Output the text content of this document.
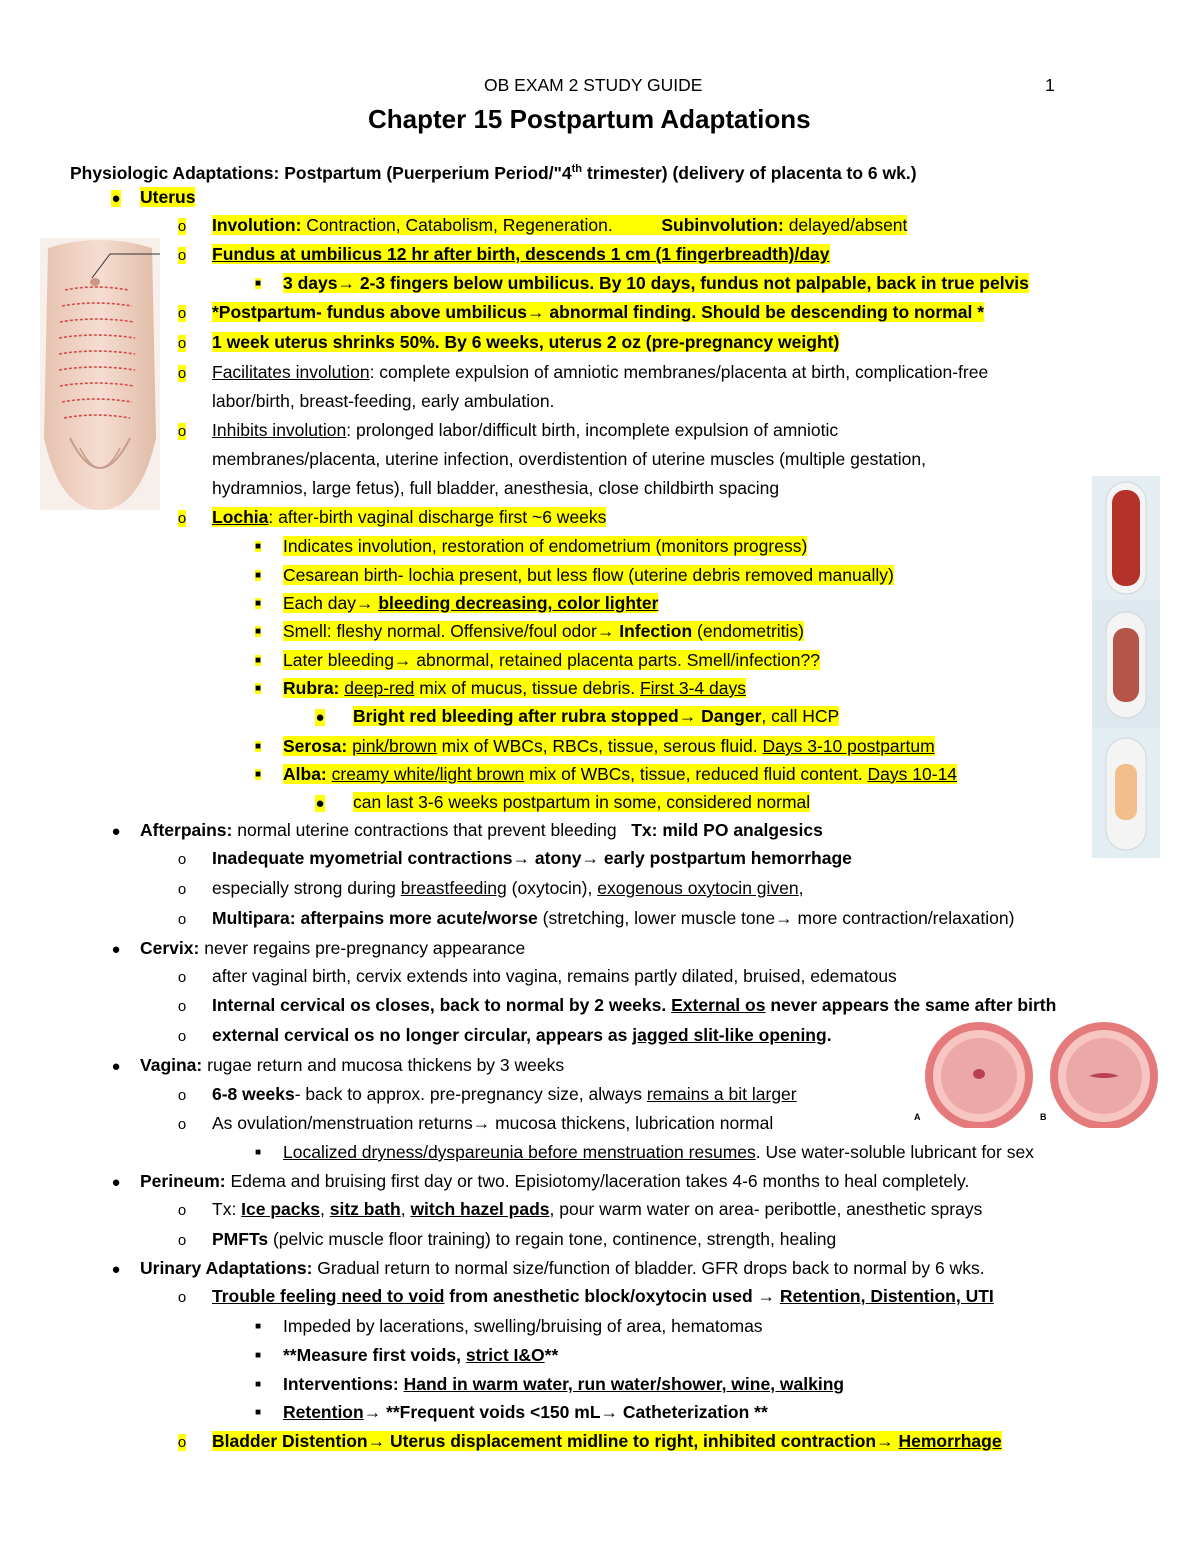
OB EXAM 2 STUDY GUIDE	1
Chapter 15 Postpartum Adaptations
Physiologic Adaptations: Postpartum (Puerperium Period/"4th trimester) (delivery of placenta to 6 wk.)
A	B
●	Uterus
o	Involution: Contraction, Catabolism, Regeneration.	Subinvolution: delayed/absent
o	Fundus at umbilicus 12 hr after birth, descends 1 cm (1 fingerbreadth)/day
■	3 days→ 2-3 fingers below umbilicus. By 10 days, fundus not palpable, back in true pelvis
o	*Postpartum- fundus above umbilicus→ abnormal finding. Should be descending to normal *
o	1 week uterus shrinks 50%. By 6 weeks, uterus 2 oz (pre-pregnancy weight)
o	Facilitates involution: complete expulsion of amniotic membranes/placenta at birth, complication-free
labor/birth, breast-feeding, early ambulation.
o	Inhibits involution: prolonged labor/difficult birth, incomplete expulsion of amniotic
membranes/placenta, uterine infection, overdistention of uterine muscles (multiple gestation,
hydramnios, large fetus), full bladder, anesthesia, close childbirth spacing
o	Lochia: after-birth vaginal discharge first ~6 weeks
■	Indicates involution, restoration of endometrium (monitors progress)
■	Cesarean birth- lochia present, but less flow (uterine debris removed manually)
■	Each day→ bleeding decreasing, color lighter
■	Smell: fleshy normal. Offensive/foul odor→ Infection (endometritis)
■	Later bleeding→ abnormal, retained placenta parts. Smell/infection??
■	Rubra: deep-red mix of mucus, tissue debris. First 3-4 days
●	Bright red bleeding after rubra stopped→ Danger, call HCP
■	Serosa: pink/brown mix of WBCs, RBCs, tissue, serous fluid. Days 3-10 postpartum
■	Alba: creamy white/light brown mix of WBCs, tissue, reduced fluid content. Days 10-14
●	can last 3-6 weeks postpartum in some, considered normal
●	Afterpains: normal uterine contractions that prevent bleeding   Tx: mild PO analgesics
o	Inadequate myometrial contractions→ atony→ early postpartum hemorrhage
o	especially strong during breastfeeding (oxytocin), exogenous oxytocin given,
o	Multipara: afterpains more acute/worse (stretching, lower muscle tone→ more contraction/relaxation)
●	Cervix: never regains pre-pregnancy appearance
o	after vaginal birth, cervix extends into vagina, remains partly dilated, bruised, edematous
o	Internal cervical os closes, back to normal by 2 weeks. External os never appears the same after birth
o	external cervical os no longer circular, appears as jagged slit-like opening.
●	Vagina: rugae return and mucosa thickens by 3 weeks
o	6-8 weeks- back to approx. pre-pregnancy size, always remains a bit larger
o	As ovulation/menstruation returns→ mucosa thickens, lubrication normal
■	Localized dryness/dyspareunia before menstruation resumes. Use water-soluble lubricant for sex
●	Perineum: Edema and bruising first day or two. Episiotomy/laceration takes 4-6 months to heal completely.
o	Tx: Ice packs, sitz bath, witch hazel pads, pour warm water on area- peribottle, anesthetic sprays
o	PMFTs (pelvic muscle floor training) to regain tone, continence, strength, healing
●	Urinary Adaptations: Gradual return to normal size/function of bladder. GFR drops back to normal by 6 wks.
o	Trouble feeling need to void from anesthetic block/oxytocin used → Retention, Distention, UTI
■	Impeded by lacerations, swelling/bruising of area, hematomas
■	**Measure first voids, strict I&O**
■	Interventions: Hand in warm water, run water/shower, wine, walking
■	Retention→ **Frequent voids <150 mL→ Catheterization **
o	Bladder Distention→ Uterus displacement midline to right, inhibited contraction→ Hemorrhage
